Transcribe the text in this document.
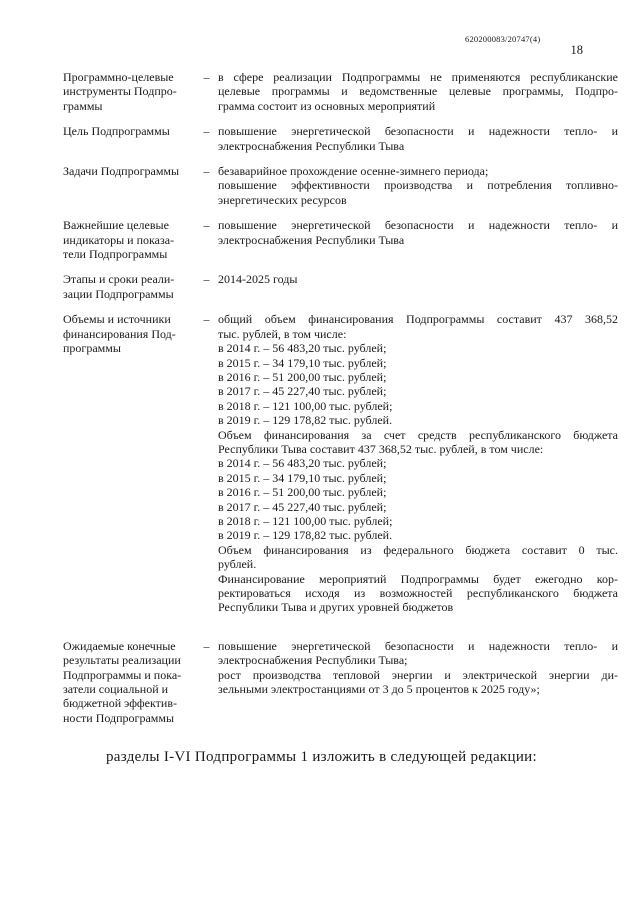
620200083/20747(4)
18
Программно-целевые
инструменты Подпро-
граммы
– в сфере реализации Подпрограммы не применяются республиканские
целевые программы и ведомственные целевые программы, Подпро-
грамма состоит из основных мероприятий
Цель Подпрограммы	– повышение энергетической безопасности и надежности тепло- и
электроснабжения Республики Тыва
Задачи Подпрограммы	– безаварийное прохождение осенне-зимнего периода;
повышение эффективности производства и потребления топливно-
энергетических ресурсов
Важнейшие целевые
индикаторы и показа-
тели Подпрограммы
– повышение энергетической безопасности и надежности тепло- и
электроснабжения Республики Тыва
Этапы и сроки реали-
зации Подпрограммы
– 2014-2025 годы
Объемы и источники
финансирования Под-
программы
– общий объем финансирования Подпрограммы составит 437 368,52
тыс. рублей, в том числе:
в 2014 г. – 56 483,20 тыс. рублей;
в 2015 г. – 34 179,10 тыс. рублей;
в 2016 г. – 51 200,00 тыс. рублей;
в 2017 г. – 45 227,40 тыс. рублей;
в 2018 г. – 121 100,00 тыс. рублей;
в 2019 г. – 129 178,82 тыс. рублей.
Объем финансирования за счет средств республиканского бюджета
Республики Тыва составит 437 368,52 тыс. рублей, в том числе:
в 2014 г. – 56 483,20 тыс. рублей;
в 2015 г. – 34 179,10 тыс. рублей;
в 2016 г. – 51 200,00 тыс. рублей;
в 2017 г. – 45 227,40 тыс. рублей;
в 2018 г. – 121 100,00 тыс. рублей;
в 2019 г. – 129 178,82 тыс. рублей.
Объем финансирования из федерального бюджета составит 0 тыс.
рублей.
Финансирование мероприятий Подпрограммы будет ежегодно кор-
ректироваться исходя из возможностей республиканского бюджета
Республики Тыва и других уровней бюджетов
Ожидаемые конечные
результаты реализации
Подпрограммы и пока-
затели социальной и
бюджетной эффектив-
ности Подпрограммы
– повышение энергетической безопасности и надежности тепло- и
электроснабжения Республики Тыва;
рост производства тепловой энергии и электрической энергии ди-
зельными электростанциями от 3 до 5 процентов к 2025 году»;
разделы I-VI Подпрограммы 1 изложить в следующей редакции:
